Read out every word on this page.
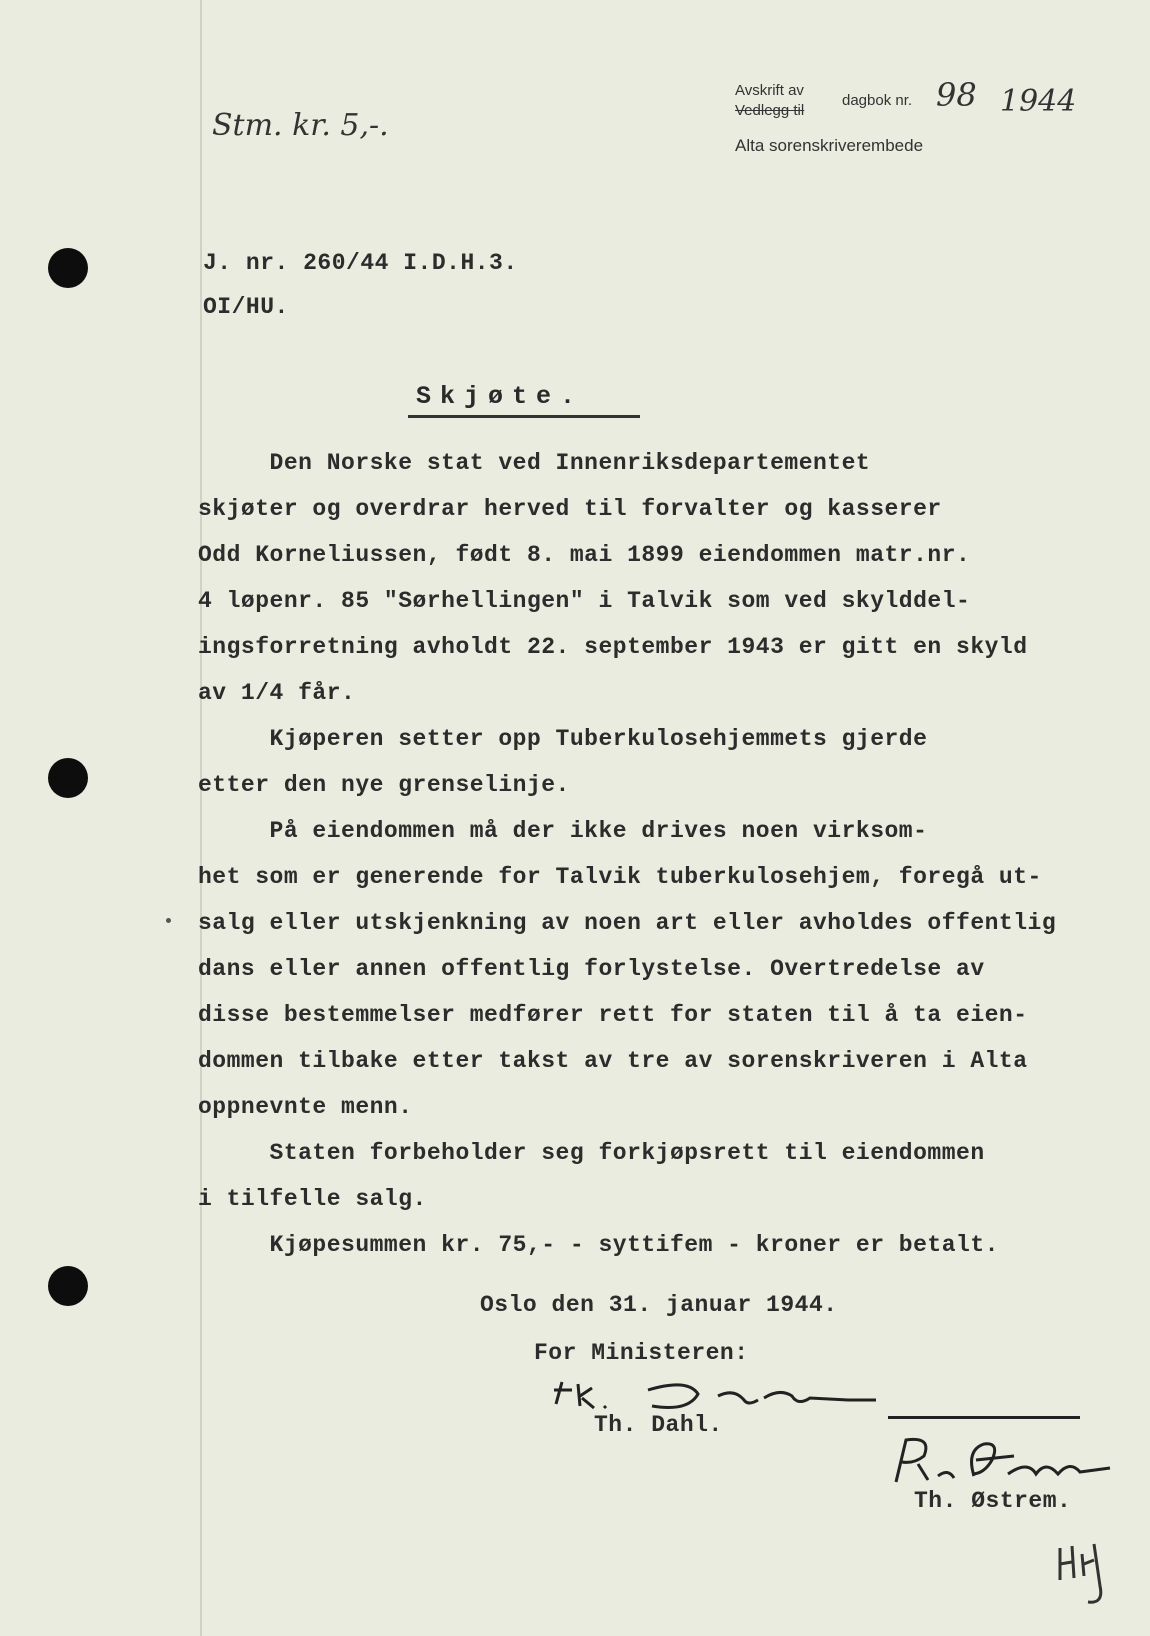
Stm. kr. 5,-.
Avskrift av
Vedlegg til
dagbok nr. 98 1944
Alta sorenskriverembede
J. nr. 260/44 I.D.H.3.
OI/HU.
Skjøte.
Den Norske stat ved Innenriksdepartementet
skjøter og overdrar herved til forvalter og kasserer
Odd Korneliussen, født 8. mai 1899 eiendommen matr.nr.
4 løpenr. 85 "Sørhellingen" i Talvik som ved skylddel-
ingsforretning avholdt 22. september 1943 er gitt en skyld
av 1/4 får.
Kjøperen setter opp Tuberkulosehjemmets gjerde
etter den nye grenselinje.
På eiendommen må der ikke drives noen virksom-
het som er generende for Talvik tuberkulosehjem, foregå ut-
salg eller utskjenkning av noen art eller avholdes offentlig
dans eller annen offentlig forlystelse. Overtredelse av
disse bestemmelser medfører rett for staten til å ta eien-
dommen tilbake etter takst av tre av sorenskriveren i Alta
oppnevnte menn.
Staten forbeholder seg forkjøpsrett til eiendommen
i tilfelle salg.
Kjøpesummen kr. 75,- - syttifem - kroner er betalt.
Oslo den 31. januar 1944.
For Ministeren:
Th. Dahl.
Th. Østrem.
